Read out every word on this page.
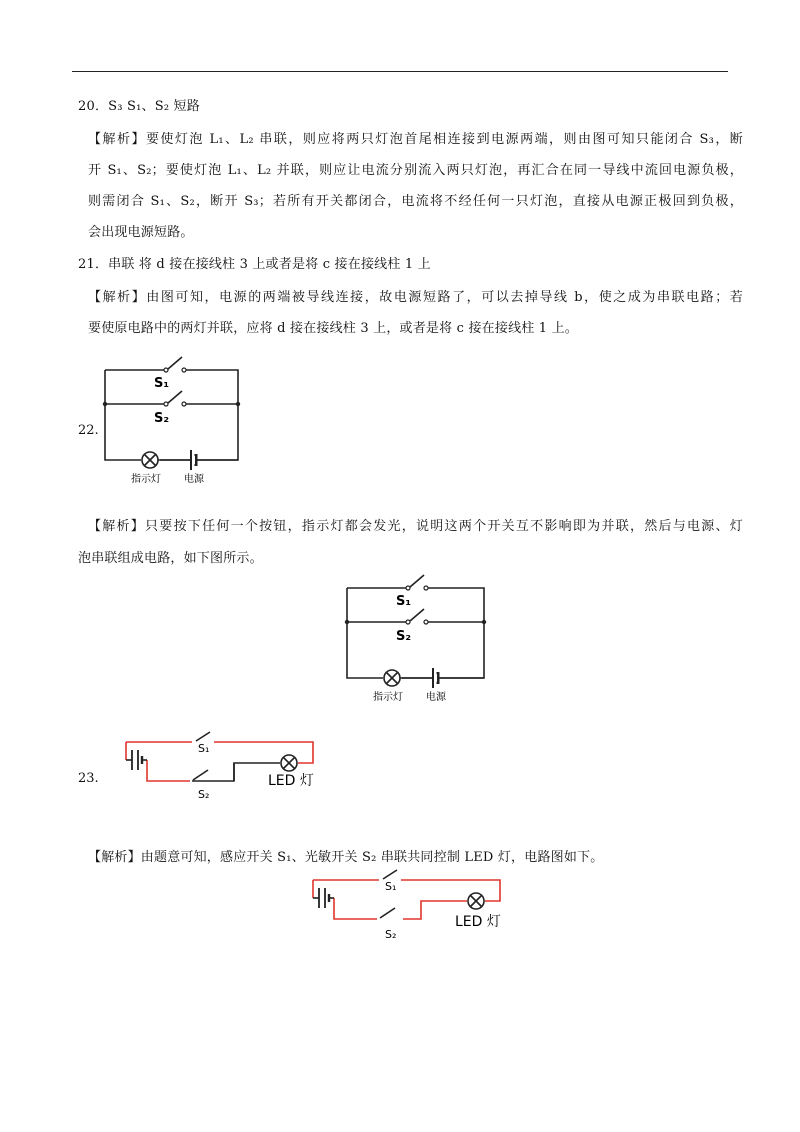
20．S₃ S₁、S₂ 短路
【解析】要使灯泡 L₁、L₂ 串联，则应将两只灯泡首尾相连接到电源两端，则由图可知只能闭合 S₃，断
开 S₁、S₂；要使灯泡 L₁、L₂ 并联，则应让电流分别流入两只灯泡，再汇合在同一导线中流回电源负极，
则需闭合 S₁、S₂，断开 S₃；若所有开关都闭合，电流将不经任何一只灯泡，直接从电源正极回到负极，
会出现电源短路。
21．串联 将 d 接在接线柱 3 上或者是将 c 接在接线柱 1 上
【解析】由图可知，电源的两端被导线连接，故电源短路了，可以去掉导线 b，使之成为串联电路；若
要使原电路中的两灯并联，应将 d 接在接线柱 3 上，或者是将 c 接在接线柱 1 上。
22.
S₁
S₂
指示灯 电源
【解析】只要按下任何一个按钮，指示灯都会发光，说明这两个开关互不影响即为并联，然后与电源、灯
泡串联组成电路，如下图所示。
S₁
S₂
指示灯 电源
23.
S₁
S₂
LED 灯
【解析】由题意可知，感应开关 S₁、光敏开关 S₂ 串联共同控制 LED 灯，电路图如下。
S₁
S₂
LED 灯
